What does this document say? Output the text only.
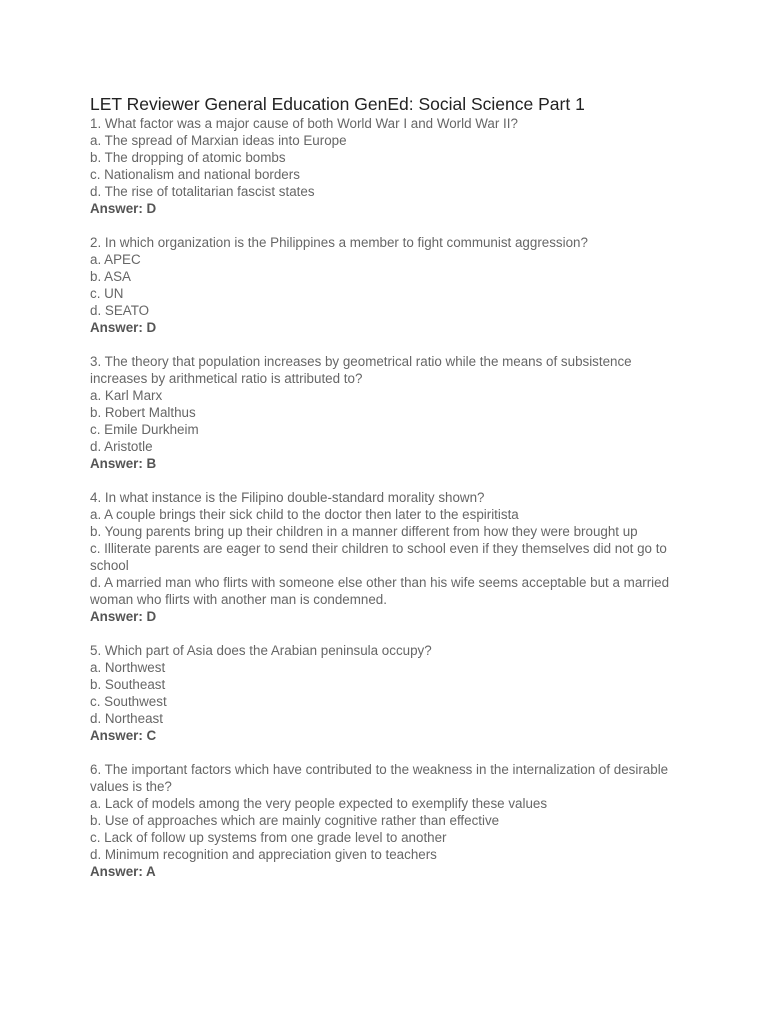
LET Reviewer General Education GenEd: Social Science Part 1

1. What factor was a major cause of both World War I and World War II?

a. The spread of Marxian ideas into Europe

b. The dropping of atomic bombs

c. Nationalism and national borders

d. The rise of totalitarian fascist states

Answer: D

2. In which organization is the Philippines a member to fight communist aggression?

a. APEC

b. ASA

c. UN

d. SEATO

Answer: D

3. The theory that population increases by geometrical ratio while the means of subsistence increases by arithmetical ratio is attributed to?

a. Karl Marx

b. Robert Malthus

c. Emile Durkheim

d. Aristotle

Answer: B

4. In what instance is the Filipino double-standard morality shown?

a. A couple brings their sick child to the doctor then later to the espiritista

b. Young parents bring up their children in a manner different from how they were brought up

c. Illiterate parents are eager to send their children to school even if they themselves did not go to school

d. A married man who flirts with someone else other than his wife seems acceptable but a married woman who flirts with another man is condemned.

Answer: D

5. Which part of Asia does the Arabian peninsula occupy?

a. Northwest

b. Southeast

c. Southwest

d. Northeast

Answer: C

6. The important factors which have contributed to the weakness in the internalization of desirable values is the?

a. Lack of models among the very people expected to exemplify these values

b. Use of approaches which are mainly cognitive rather than effective

c. Lack of follow up systems from one grade level to another

d. Minimum recognition and appreciation given to teachers

Answer: A
